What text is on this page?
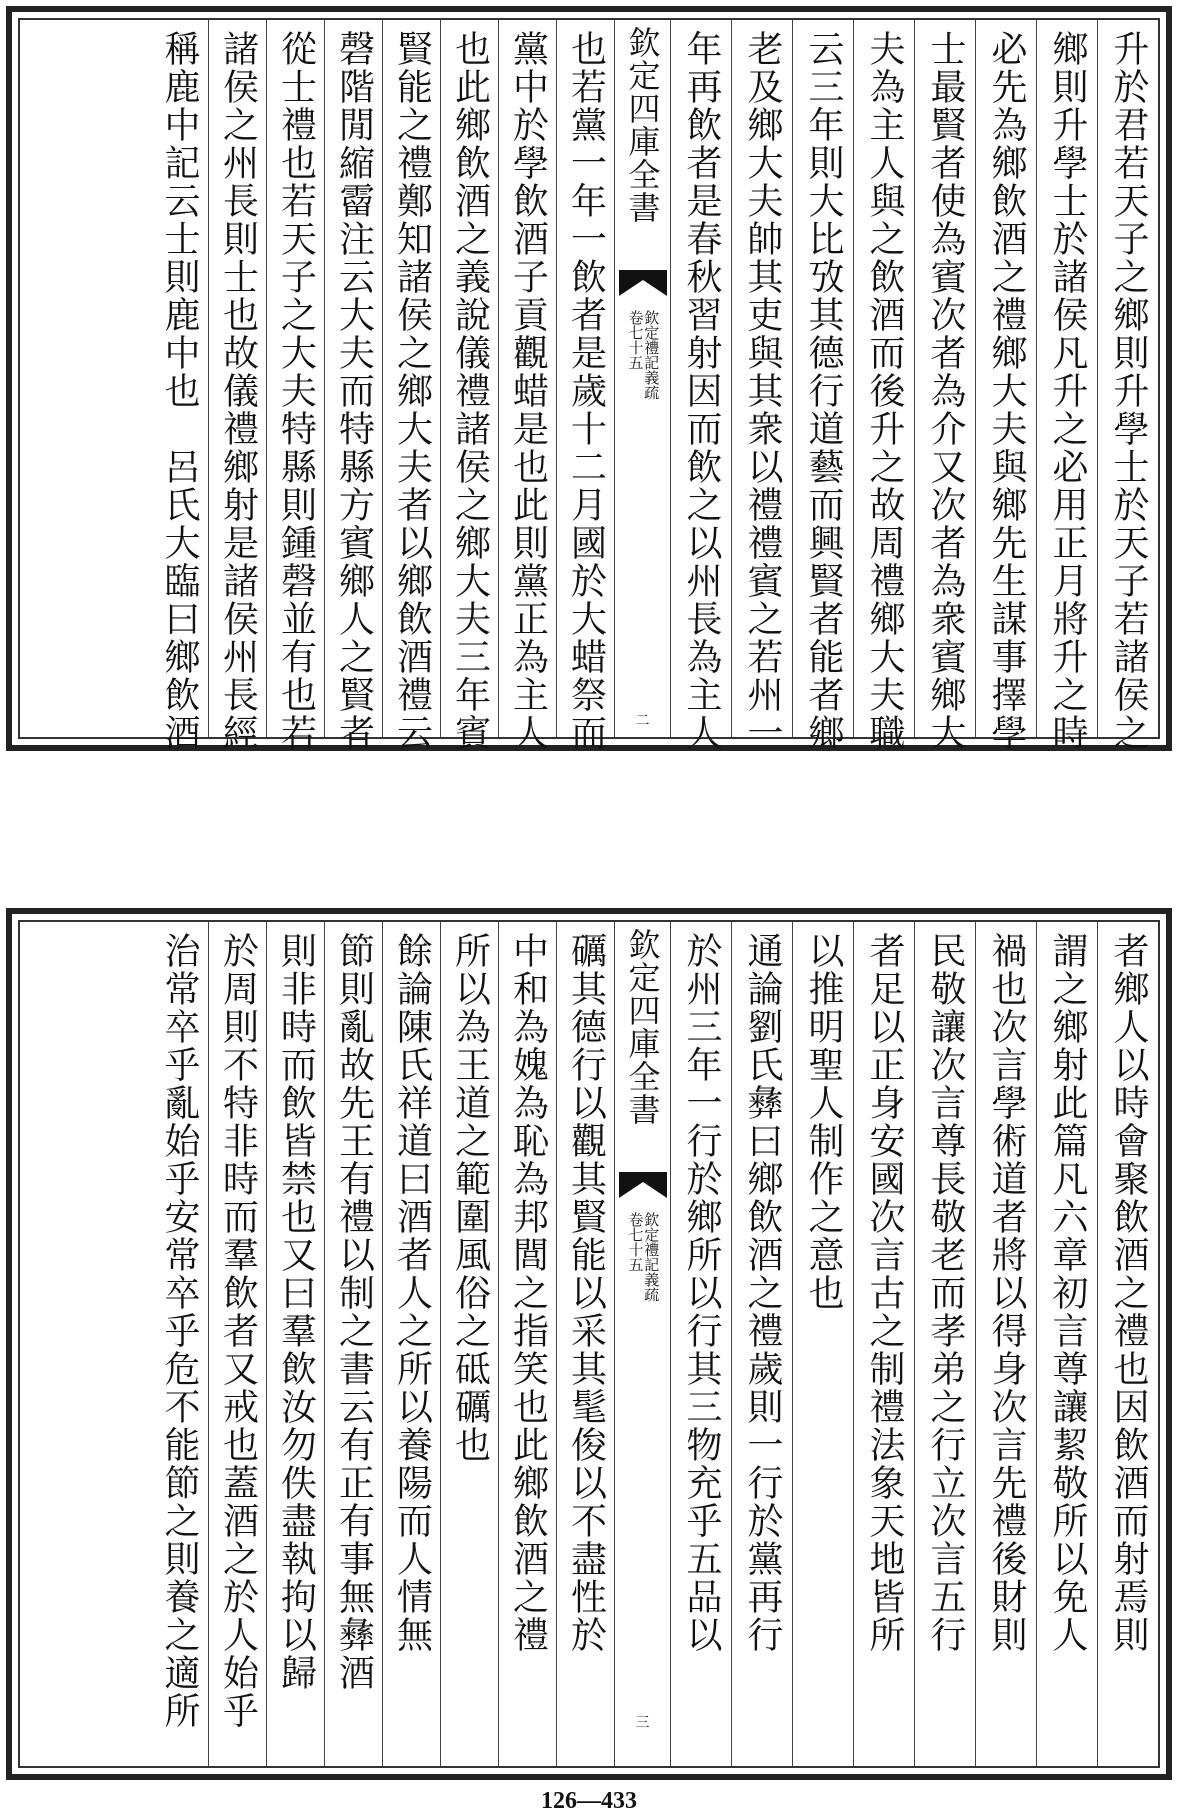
升於君若天子之鄉則升學士於天子若諸侯之
鄉則升學士於諸侯凡升之必用正月將升之時
必先為鄉飲酒之禮鄉大夫與鄉先生謀事擇學
士最賢者使為賓次者為介又次者為衆賓鄉大
夫為主人與之飲酒而後升之故周禮鄉大夫職
云三年則大比攷其德行道藝而興賢者能者鄉
老及鄉大夫帥其吏與其衆以禮禮賓之若州一
年再飲者是春秋習射因而飲之以州長為主人
欽定四庫全書
欽定禮記義疏
卷七十五
二
也若黨一年一飲者是歲十二月國於大蜡祭而
黨中於學飲酒子貢觀蜡是也此則黨正為主人
也此鄉飲酒之義說儀禮諸侯之鄉大夫三年賓
賢能之禮鄭知諸侯之鄉大夫者以鄉飲酒禮云
磬階閒縮霤注云大夫而特縣方賓鄉人之賢者
從士禮也若天子之大夫特縣則鍾磬並有也若
諸侯之州長則士也故儀禮鄉射是諸侯州長經
稱鹿中記云士則鹿中也　呂氏大臨曰鄉飲酒
者鄉人以時會聚飲酒之禮也因飲酒而射焉則
謂之鄉射此篇凡六章初言尊讓絜敬所以免人
禍也次言學術道者將以得身次言先禮後財則
民敬讓次言尊長敬老而孝弟之行立次言五行
者足以正身安國次言古之制禮法象天地皆所
以推明聖人制作之意也
通論劉氏彝曰鄉飲酒之禮歲則一行於黨再行
於州三年一行於鄉所以行其三物充乎五品以
欽定四庫全書
欽定禮記義疏
卷七十五
三
礪其德行以觀其賢能以采其髦俊以不盡性於
中和為媿為恥為邦閭之指笑也此鄉飲酒之禮
所以為王道之範圍風俗之砥礪也
餘論陳氏祥道曰酒者人之所以養陽而人情無
節則亂故先王有禮以制之書云有正有事無彝酒
則非時而飲皆禁也又曰羣飲汝勿佚盡執拘以歸
於周則不特非時而羣飲者又戒也蓋酒之於人始乎
治常卒乎亂始乎安常卒乎危不能節之則養之適所
126—433
